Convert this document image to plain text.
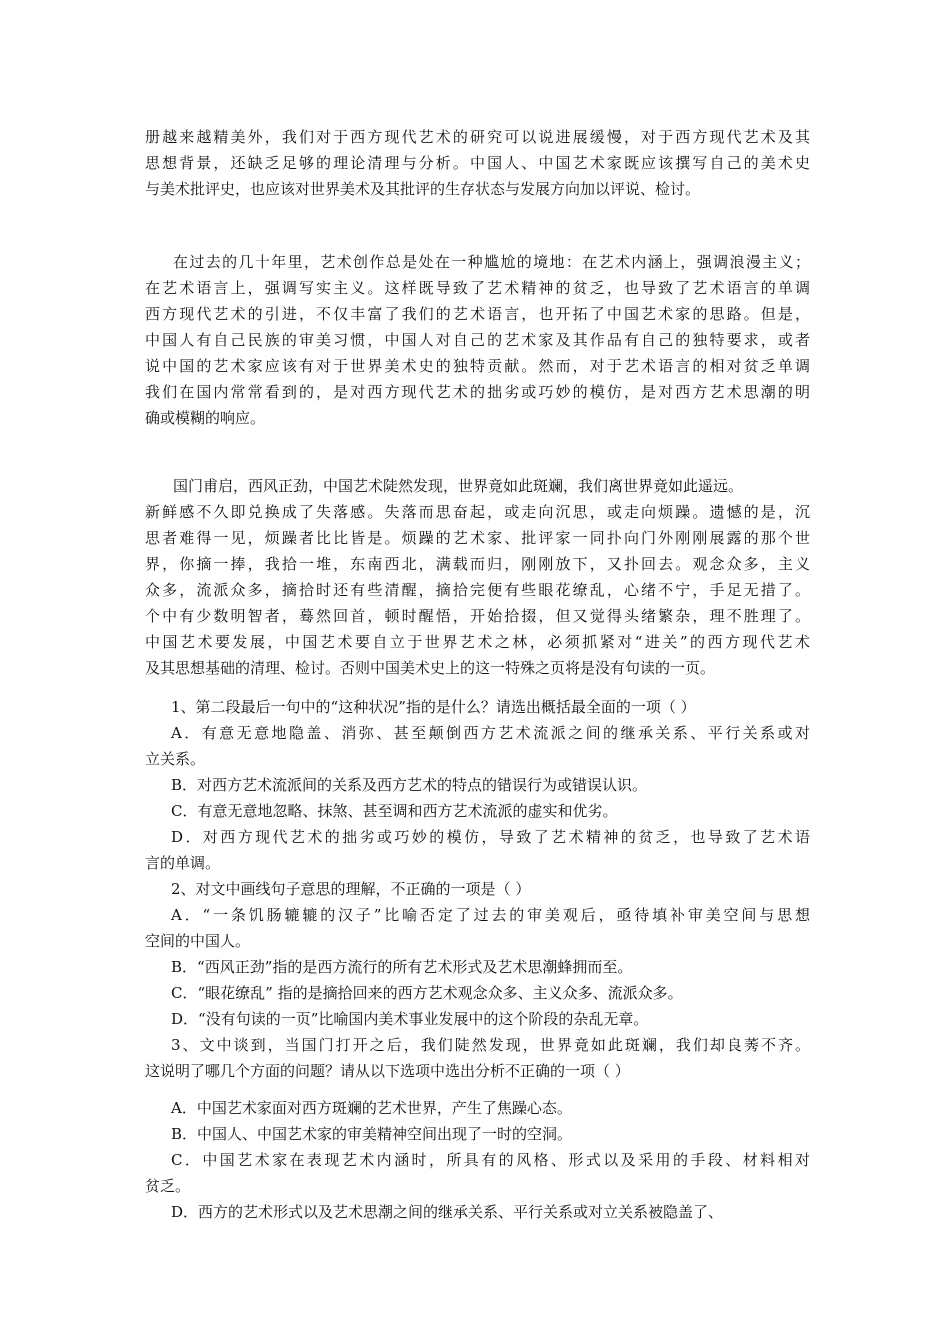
册越来越精美外，我们对于西方现代艺术的研究可以说进展缓慢，对于西方现代艺术及其
思想背景，还缺乏足够的理论清理与分析。中国人、中国艺术家既应该撰写自己的美术史
与美术批评史，也应该对世界美术及其批评的生存状态与发展方向加以评说、检讨。
在过去的几十年里，艺术创作总是处在一种尴尬的境地：在艺术内涵上，强调浪漫主义；
在艺术语言上，强调写实主义。这样既导致了艺术精神的贫乏，也导致了艺术语言的单调
西方现代艺术的引进，不仅丰富了我们的艺术语言，也开拓了中国艺术家的思路。但是，
中国人有自己民族的审美习惯，中国人对自己的艺术家及其作品有自己的独特要求，或者
说中国的艺术家应该有对于世界美术史的独特贡献。然而，对于艺术语言的相对贫乏单调
我们在国内常常看到的，是对西方现代艺术的拙劣或巧妙的模仿，是对西方艺术思潮的明
确或模糊的响应。
国门甫启，西风正劲，中国艺术陡然发现，世界竟如此斑斓，我们离世界竟如此遥远。
新鲜感不久即兑换成了失落感。失落而思奋起，或走向沉思，或走向烦躁。遗憾的是，沉
思者难得一见，烦躁者比比皆是。烦躁的艺术家、批评家一同扑向门外刚刚展露的那个世
界，你摘一捧，我拾一堆，东南西北，满载而归，刚刚放下，又扑回去。观念众多，主义
众多，流派众多，摘拾时还有些清醒，摘拾完便有些眼花缭乱，心绪不宁，手足无措了。
个中有少数明智者，蓦然回首，顿时醒悟，开始拾掇，但又觉得头绪繁杂，理不胜理了。
中国艺术要发展，中国艺术要自立于世界艺术之林，必须抓紧对“进关”的西方现代艺术
及其思想基础的清理、检讨。否则中国美术史上的这一特殊之页将是没有句读的一页。
1、第二段最后一句中的“这种状况”指的是什么？请选出概括最全面的一项（ ）
A．有意无意地隐盖、消弥、甚至颠倒西方艺术流派之间的继承关系、平行关系或对
立关系。
B．对西方艺术流派间的关系及西方艺术的特点的错误行为或错误认识。
C．有意无意地忽略、抹煞、甚至调和西方艺术流派的虚实和优劣。
D．对西方现代艺术的拙劣或巧妙的模仿，导致了艺术精神的贫乏，也导致了艺术语
言的单调。
2、对文中画线句子意思的理解，不正确的一项是（ ）
A．“一条饥肠辘辘的汉子”比喻否定了过去的审美观后，亟待填补审美空间与思想
空间的中国人。
B．“西风正劲”指的是西方流行的所有艺术形式及艺术思潮蜂拥而至。
C．“眼花缭乱” 指的是摘拾回来的西方艺术观念众多、主义众多、流派众多。
D．“没有句读的一页”比喻国内美术事业发展中的这个阶段的杂乱无章。
3、文中谈到，当国门打开之后，我们陡然发现，世界竟如此斑斓，我们却良莠不齐。
这说明了哪几个方面的问题？请从以下选项中选出分析不正确的一项（ ）
A．中国艺术家面对西方斑斓的艺术世界，产生了焦躁心态。
B．中国人、中国艺术家的审美精神空间出现了一时的空洞。
C．中国艺术家在表现艺术内涵时，所具有的风格、形式以及采用的手段、材料相对
贫乏。
D．西方的艺术形式以及艺术思潮之间的继承关系、平行关系或对立关系被隐盖了、
